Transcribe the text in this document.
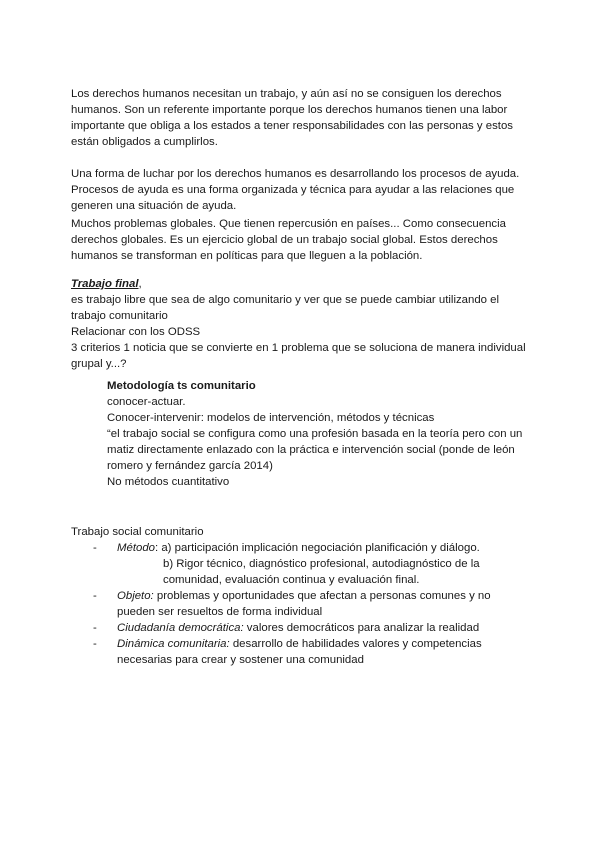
Los derechos humanos necesitan un trabajo, y aún así no se consiguen los derechos humanos. Son un referente importante porque los derechos humanos tienen una labor importante que obliga a los estados a tener responsabilidades con las personas y estos están obligados a cumplirlos.

Una forma de luchar por los derechos humanos es desarrollando los procesos de ayuda. Procesos de ayuda es una forma organizada y técnica para ayudar a las relaciones que generen una situación de ayuda.

Muchos problemas globales. Que tienen repercusión en países... Como consecuencia derechos globales. Es un ejercicio global de un trabajo social global. Estos derechos humanos se transforman en políticas para que lleguen a la población.

Trabajo final,

es trabajo libre que sea de algo comunitario y ver que se puede cambiar utilizando el trabajo comunitario

Relacionar con los ODSS

3 criterios 1 noticia que se convierte en 1 problema que se soluciona de manera individual grupal y...?

Metodología ts comunitario

conocer-actuar.

Conocer-intervenir: modelos de intervención, métodos y técnicas

“el trabajo social se configura como una profesión basada en la teoría pero con un matiz directamente enlazado con la práctica e intervención social (ponde de león romero y fernández garcía 2014)

No métodos cuantitativo

Trabajo social comunitario

- Método: a) participación implicación negociación planificación y diálogo.
b) Rigor técnico, diagnóstico profesional, autodiagnóstico de la comunidad, evaluación continua y evaluación final.
- Objeto: problemas y oportunidades que afectan a personas comunes y no pueden ser resueltos de forma individual
- Ciudadanía democrática: valores democráticos para analizar la realidad
- Dinámica comunitaria: desarrollo de habilidades valores y competencias necesarias para crear y sostener una comunidad
